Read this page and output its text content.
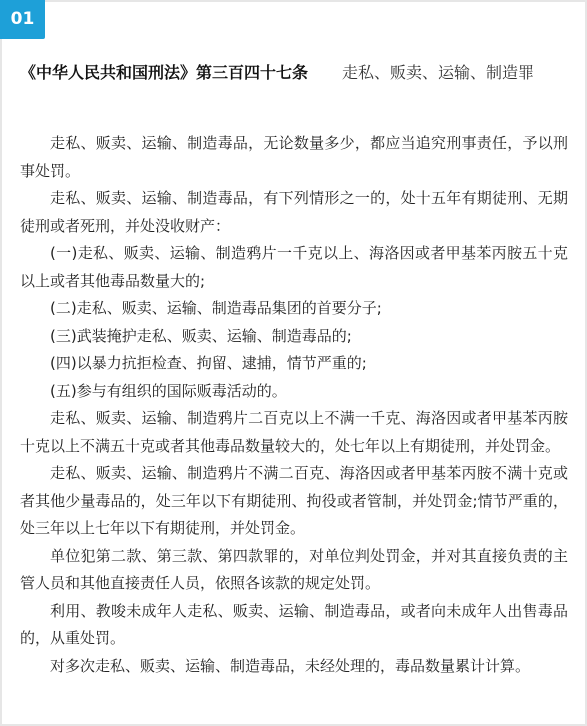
01
《中华人民共和国刑法》第三百四十七条 走私、贩卖、运输、制造罪

走私、贩卖、运输、制造毒品，无论数量多少，都应当追究刑事责任，予以刑事处罚。

走私、贩卖、运输、制造毒品，有下列情形之一的，处十五年有期徒刑、无期徒刑或者死刑，并处没收财产：

(一)走私、贩卖、运输、制造鸦片一千克以上、海洛因或者甲基苯丙胺五十克以上或者其他毒品数量大的;

(二)走私、贩卖、运输、制造毒品集团的首要分子;

(三)武装掩护走私、贩卖、运输、制造毒品的;

(四)以暴力抗拒检查、拘留、逮捕，情节严重的;

(五)参与有组织的国际贩毒活动的。

走私、贩卖、运输、制造鸦片二百克以上不满一千克、海洛因或者甲基苯丙胺十克以上不满五十克或者其他毒品数量较大的，处七年以上有期徒刑，并处罚金。

走私、贩卖、运输、制造鸦片不满二百克、海洛因或者甲基苯丙胺不满十克或者其他少量毒品的，处三年以下有期徒刑、拘役或者管制，并处罚金;情节严重的，处三年以上七年以下有期徒刑，并处罚金。

单位犯第二款、第三款、第四款罪的，对单位判处罚金，并对其直接负责的主管人员和其他直接责任人员，依照各该款的规定处罚。

利用、教唆未成年人走私、贩卖、运输、制造毒品，或者向未成年人出售毒品的，从重处罚。

对多次走私、贩卖、运输、制造毒品，未经处理的，毒品数量累计计算。
